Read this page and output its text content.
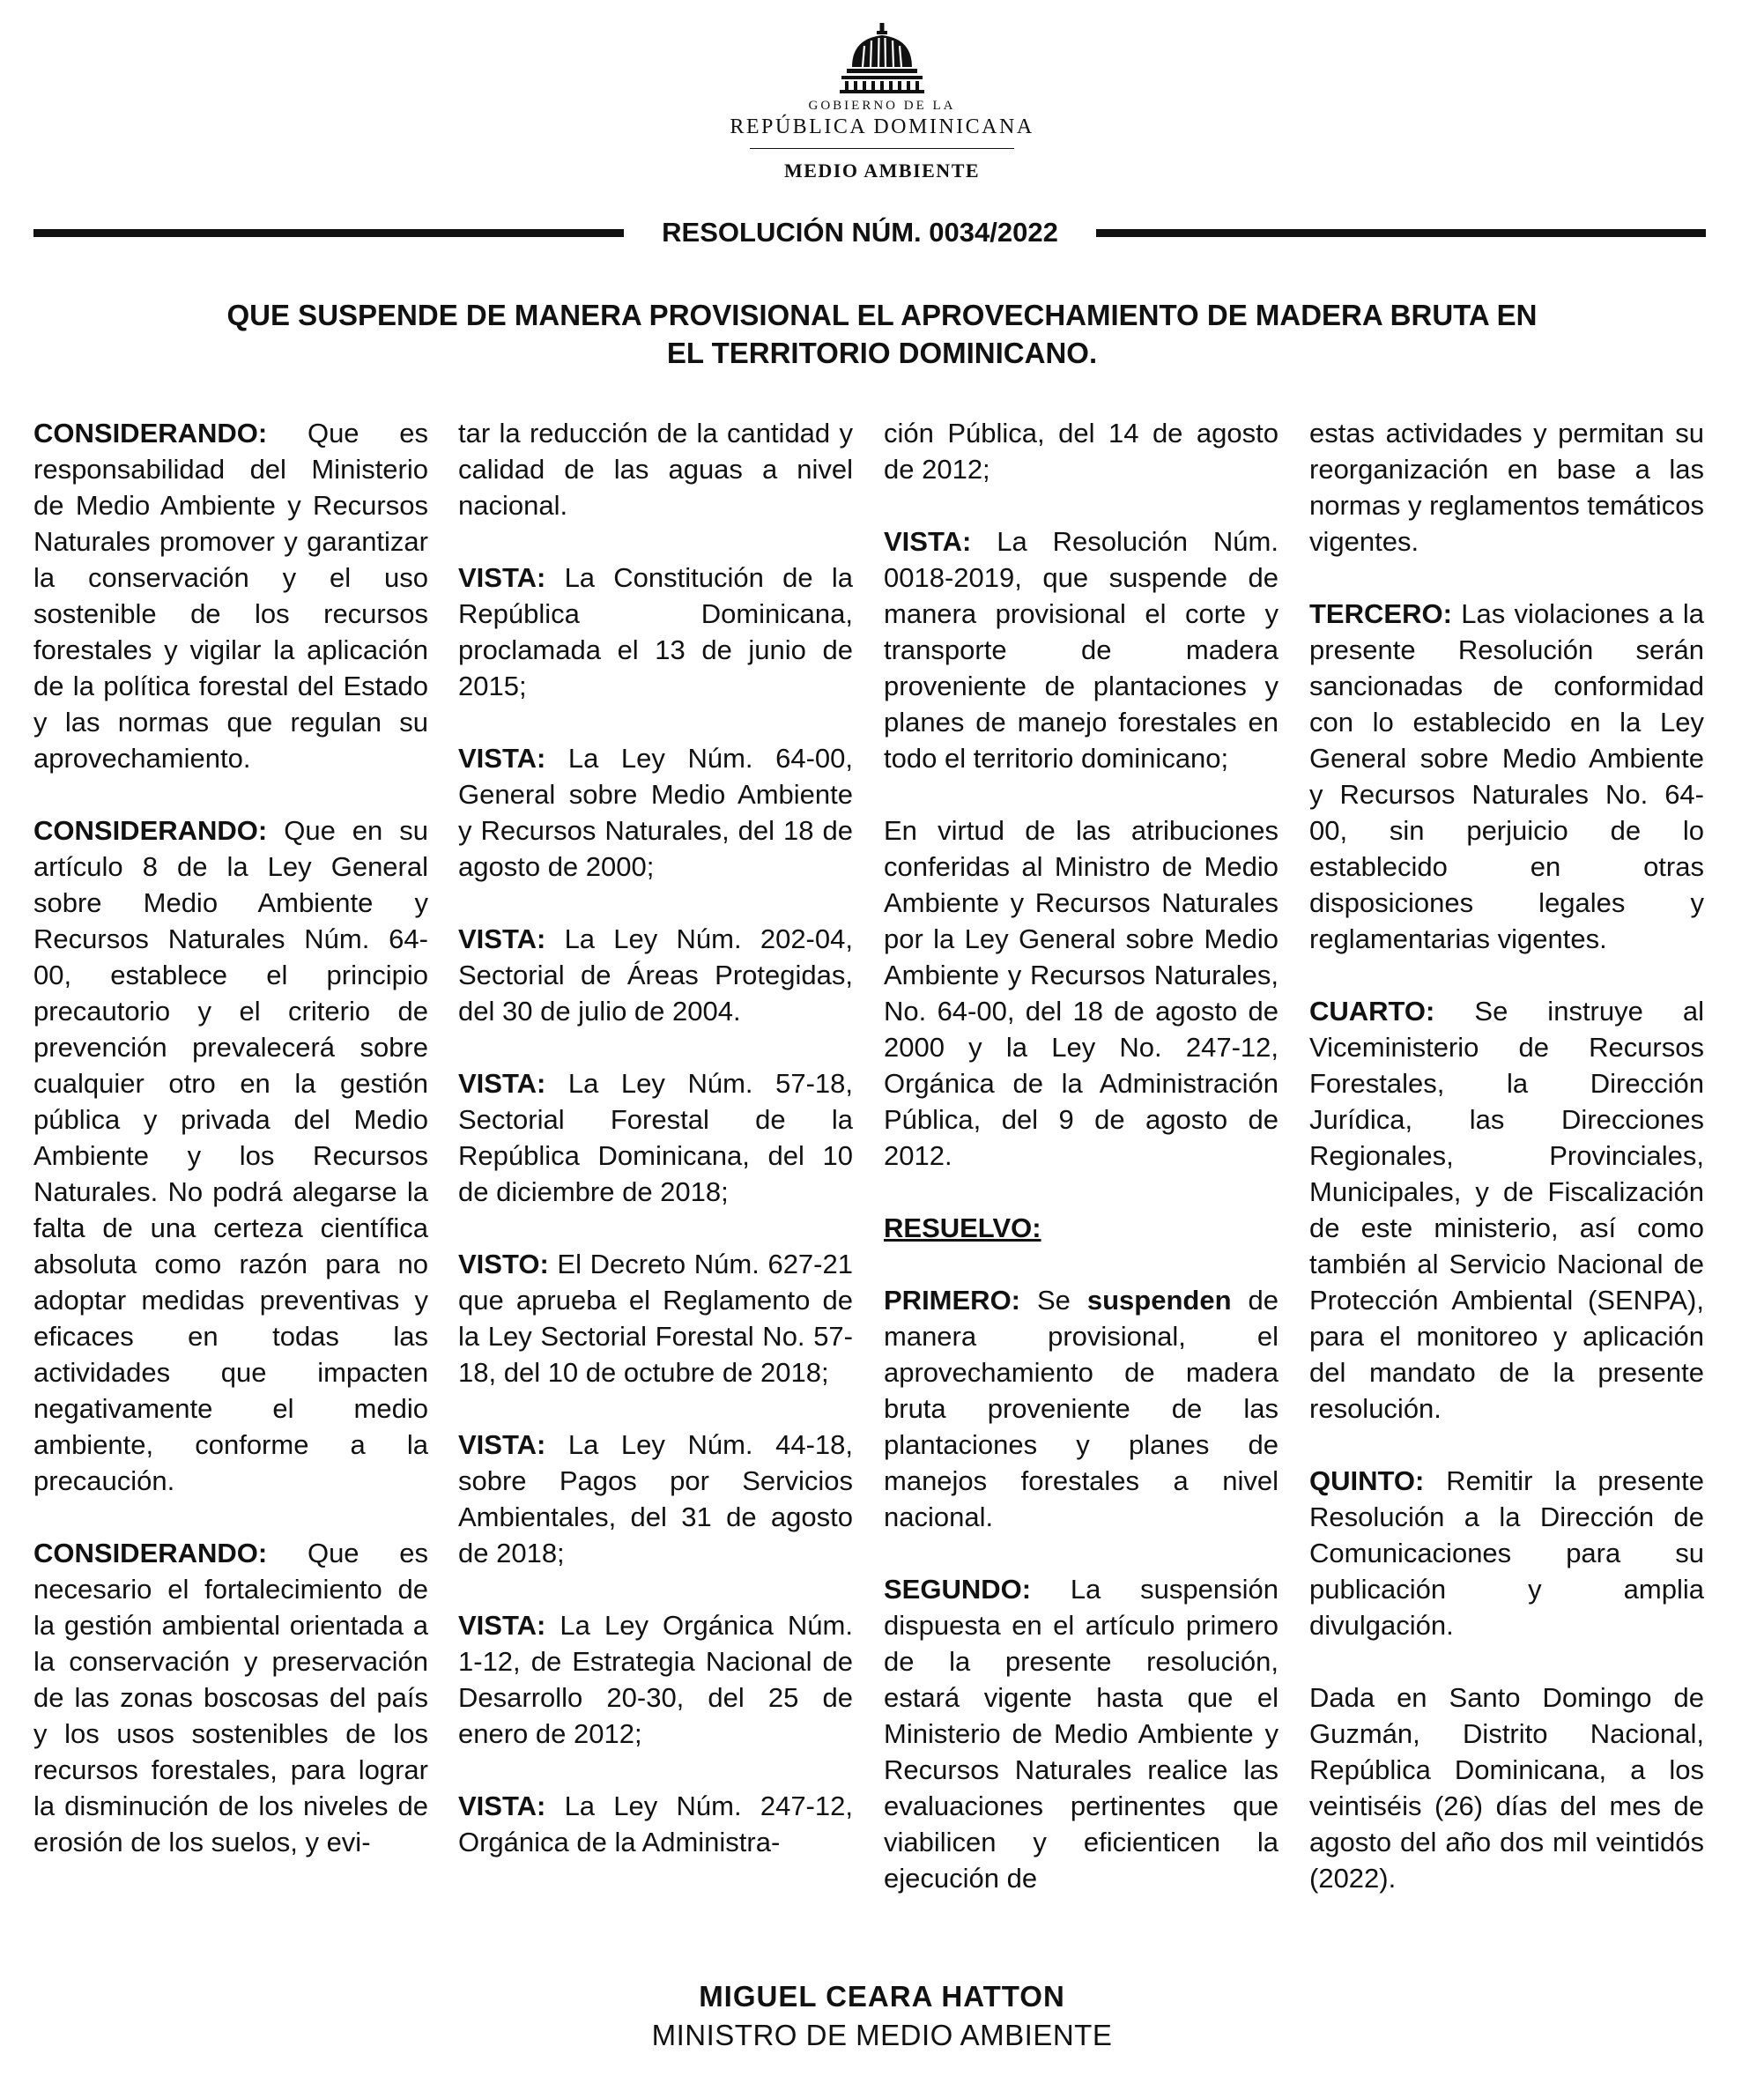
GOBIERNO DE LA
REPÚBLICA DOMINICANA
MEDIO AMBIENTE
RESOLUCIÓN NÚM. 0034/2022
QUE SUSPENDE DE MANERA PROVISIONAL EL APROVECHAMIENTO DE MADERA BRUTA EN
EL TERRITORIO DOMINICANO.

CONSIDERANDO: Que es responsabilidad del Ministerio de Medio Ambiente y Recursos Naturales promover y garantizar la conservación y el uso sostenible de los recursos forestales y vigilar la aplicación de la política forestal del Estado y las normas que regulan su aprovechamiento.

CONSIDERANDO: Que en su artículo 8 de la Ley General sobre Medio Ambiente y Recursos Naturales Núm. 64-00, establece el principio precautorio y el criterio de prevención prevalecerá sobre cualquier otro en la gestión pública y privada del Medio Ambiente y los Recursos Naturales. No podrá alegarse la falta de una certeza científica absoluta como razón para no adoptar medidas preventivas y eficaces en todas las actividades que impacten negativamente el medio ambiente, conforme a la precaución.

CONSIDERANDO: Que es necesario el fortalecimiento de la gestión ambiental orientada a la conservación y preservación de las zonas boscosas del país y los usos sostenibles de los recursos forestales, para lograr la disminución de los niveles de erosión de los suelos, y evi-

tar la reducción de la cantidad y calidad de las aguas a nivel nacional.

VISTA: La Constitución de la República Dominicana, proclamada el 13 de junio de 2015;

VISTA: La Ley Núm. 64-00, General sobre Medio Ambiente y Recursos Naturales, del 18 de agosto de 2000;

VISTA: La Ley Núm. 202-04, Sectorial de Áreas Protegidas, del 30 de julio de 2004.

VISTA: La Ley Núm. 57-18, Sectorial Forestal de la República Dominicana, del 10 de diciembre de 2018;

VISTO: El Decreto Núm. 627-21 que aprueba el Reglamento de la Ley Sectorial Forestal No. 57-18, del 10 de octubre de 2018;

VISTA: La Ley Núm. 44-18, sobre Pagos por Servicios Ambientales, del 31 de agosto de 2018;

VISTA: La Ley Orgánica Núm. 1-12, de Estrategia Nacional de Desarrollo 20-30, del 25 de enero de 2012;

VISTA: La Ley Núm. 247-12, Orgánica de la Administra-

ción Pública, del 14 de agosto de 2012;

VISTA: La Resolución Núm. 0018-2019, que suspende de manera provisional el corte y transporte de madera proveniente de plantaciones y planes de manejo forestales en todo el territorio dominicano;

En virtud de las atribuciones conferidas al Ministro de Medio Ambiente y Recursos Naturales por la Ley General sobre Medio Ambiente y Recursos Naturales, No. 64-00, del 18 de agosto de 2000 y la Ley No. 247-12, Orgánica de la Administración Pública, del 9 de agosto de 2012.

RESUELVO:

PRIMERO: Se suspenden de manera provisional, el aprovechamiento de madera bruta proveniente de las plantaciones y planes de manejos forestales a nivel nacional.

SEGUNDO: La suspensión dispuesta en el artículo primero de la presente resolución, estará vigente hasta que el Ministerio de Medio Ambiente y Recursos Naturales realice las evaluaciones pertinentes que viabilicen y eficienticen la ejecución de

estas actividades y permitan su reorganización en base a las normas y reglamentos temáticos vigentes.

TERCERO: Las violaciones a la presente Resolución serán sancionadas de conformidad con lo establecido en la Ley General sobre Medio Ambiente y Recursos Naturales No. 64-00, sin perjuicio de lo establecido en otras disposiciones legales y reglamentarias vigentes.

CUARTO: Se instruye al Viceministerio de Recursos Forestales, la Dirección Jurídica, las Direcciones Regionales, Provinciales, Municipales, y de Fiscalización de este ministerio, así como también al Servicio Nacional de Protección Ambiental (SENPA), para el monitoreo y aplicación del mandato de la presente resolución.

QUINTO: Remitir la presente Resolución a la Dirección de Comunicaciones para su publicación y amplia divulgación.

Dada en Santo Domingo de Guzmán, Distrito Nacional, República Dominicana, a los veintiséis (26) días del mes de agosto del año dos mil veintidós (2022).

MIGUEL CEARA HATTON
MINISTRO DE MEDIO AMBIENTE
